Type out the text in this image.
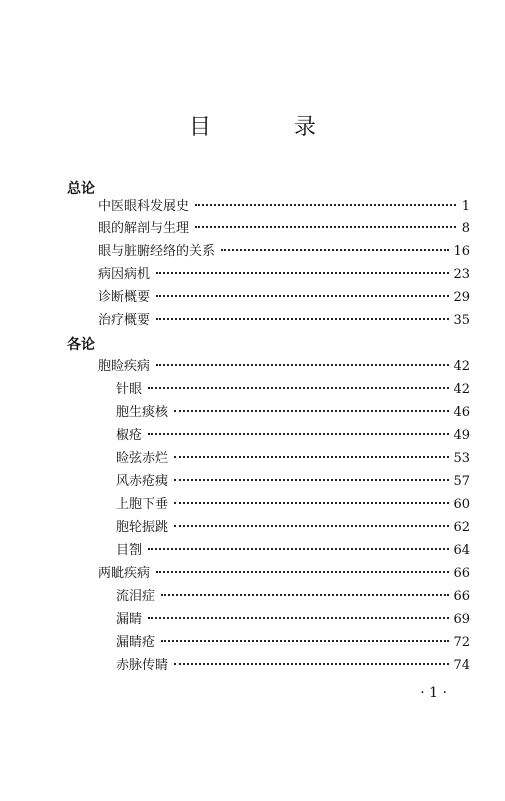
目 录
总论
中医眼科发展史	1
眼的解剖与生理	8
眼与脏腑经络的关系	16
病因病机	23
诊断概要	29
治疗概要	35
各论
胞睑疾病	42
针眼	42
胞生痰核	46
椒疮	49
睑弦赤烂	53
风赤疮痍	57
上胞下垂	60
胞轮振跳	62
目劄	64
两眦疾病	66
流泪症	66
漏睛	69
漏睛疮	72
赤脉传睛	74
· 1 ·
